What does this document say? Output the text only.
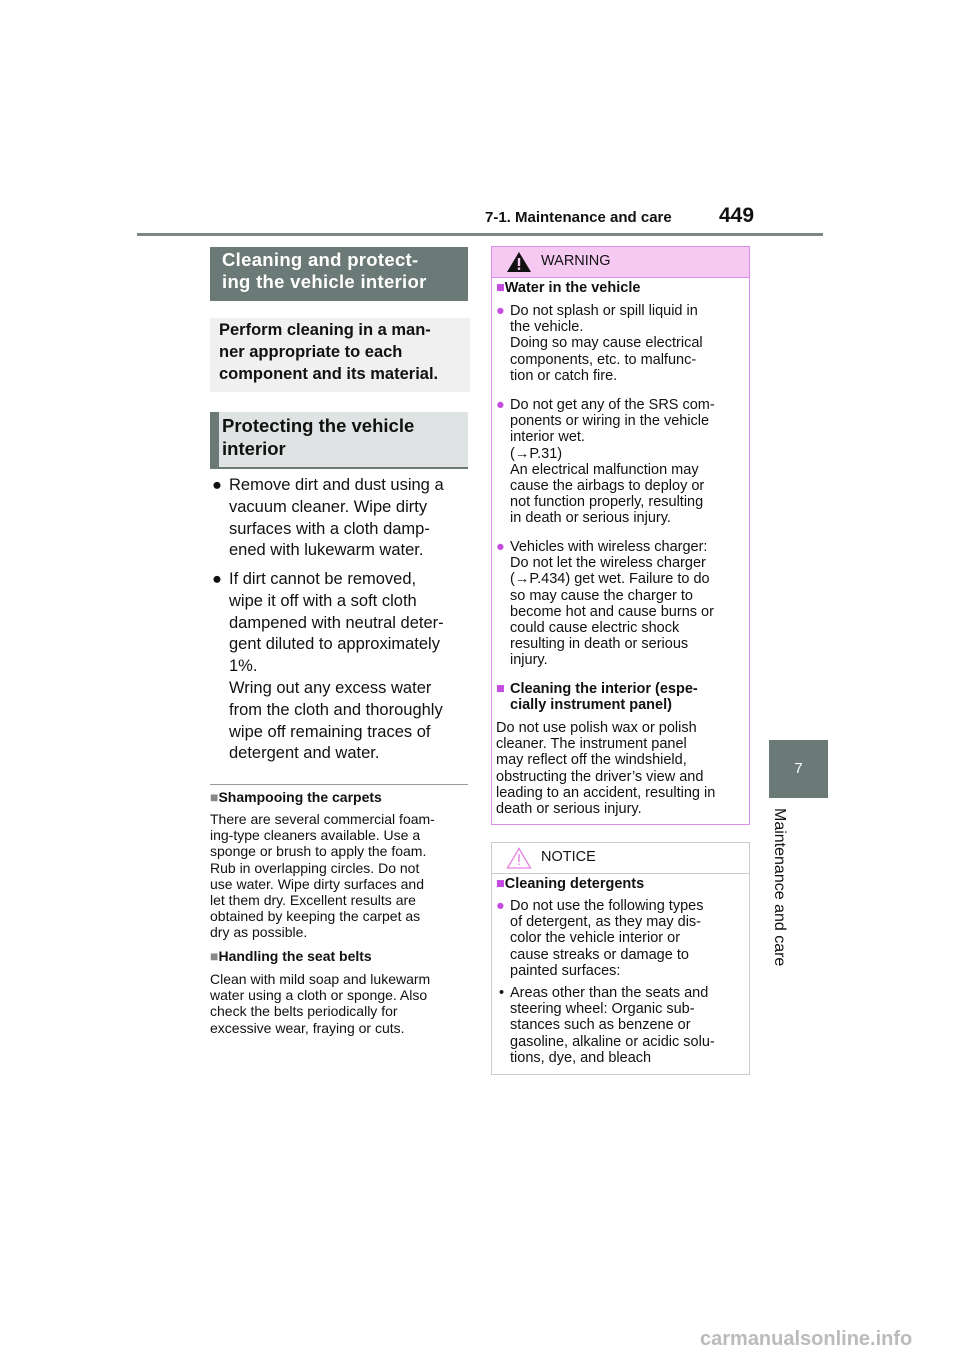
7-1. Maintenance and care 449
Cleaning and protect-
ing the vehicle interior
Perform cleaning in a man-
ner appropriate to each
component and its material.
Protecting the vehicle
interior
● Remove dirt and dust using a
vacuum cleaner. Wipe dirty
surfaces with a cloth damp-
ened with lukewarm water.
● If dirt cannot be removed,
wipe it off with a soft cloth
dampened with neutral deter-
gent diluted to approximately
1%.
Wring out any excess water
from the cloth and thoroughly
wipe off remaining traces of
detergent and water.
■Shampooing the carpets
There are several commercial foam-
ing-type cleaners available. Use a
sponge or brush to apply the foam.
Rub in overlapping circles. Do not
use water. Wipe dirty surfaces and
let them dry. Excellent results are
obtained by keeping the carpet as
dry as possible.
■Handling the seat belts
Clean with mild soap and lukewarm
water using a cloth or sponge. Also
check the belts periodically for
excessive wear, fraying or cuts.
WARNING
■Water in the vehicle
● Do not splash or spill liquid in
the vehicle.
Doing so may cause electrical
components, etc. to malfunc-
tion or catch fire.
● Do not get any of the SRS com-
ponents or wiring in the vehicle
interior wet.
(→P.31)
An electrical malfunction may
cause the airbags to deploy or
not function properly, resulting
in death or serious injury.
● Vehicles with wireless charger:
Do not let the wireless charger
(→P.434) get wet. Failure to do
so may cause the charger to
become hot and cause burns or
could cause electric shock
resulting in death or serious
injury.
■ Cleaning the interior (espe-
cially instrument panel)
Do not use polish wax or polish
cleaner. The instrument panel
may reflect off the windshield,
obstructing the driver’s view and
leading to an accident, resulting in
death or serious injury.
NOTICE
■Cleaning detergents
● Do not use the following types
of detergent, as they may dis-
color the vehicle interior or
cause streaks or damage to
painted surfaces:
• Areas other than the seats and
steering wheel: Organic sub-
stances such as benzene or
gasoline, alkaline or acidic solu-
tions, dye, and bleach
7
Maintenance and care
carmanualsonline.info
